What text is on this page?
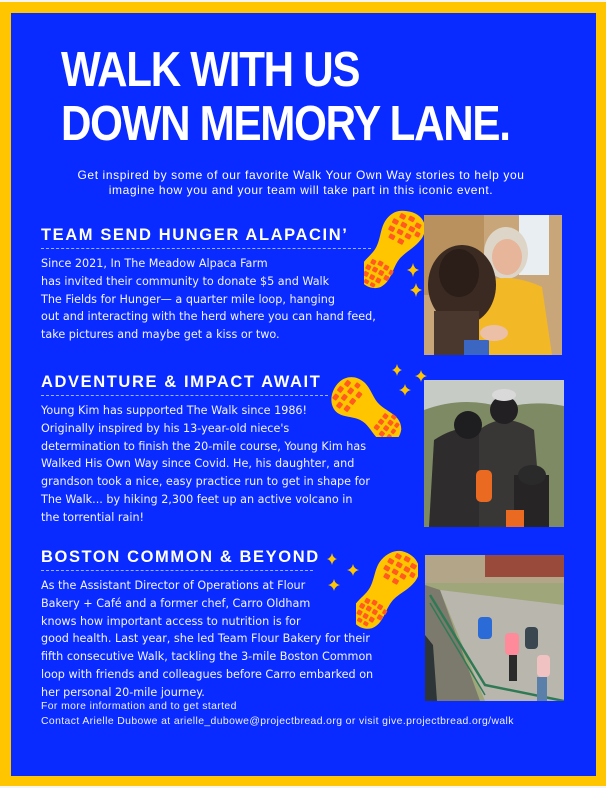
WALK WITH US
DOWN MEMORY LANE.

Get inspired by some of our favorite Walk Your Own Way stories to help you
imagine how you and your team will take part in this iconic event.

TEAM SEND HUNGER ALAPACIN’
Since 2021, In The Meadow Alpaca Farm
has invited their community to donate $5 and Walk
The Fields for Hunger— a quarter mile loop, hanging
out and interacting with the herd where you can hand feed,
take pictures and maybe get a kiss or two.
ADVENTURE & IMPACT AWAIT
Young Kim has supported The Walk since 1986!
Originally inspired by his 13-year-old niece's
determination to finish the 20-mile course, Young Kim has
Walked His Own Way since Covid. He, his daughter, and
grandson took a nice, easy practice run to get in shape for
The Walk... by hiking 2,300 feet up an active volcano in
the torrential rain!
BOSTON COMMON & BEYOND
As the Assistant Director of Operations at Flour
Bakery + Café and a former chef, Carro Oldham
knows how important access to nutrition is for
good health. Last year, she led Team Flour Bakery for their
fifth consecutive Walk, tackling the 3-mile Boston Common
loop with friends and colleagues before Carro embarked on
her personal 20-mile journey.
For more information and to get started
Contact Arielle Dubowe at arielle_dubowe@projectbread.org or visit give.projectbread.org/walk
